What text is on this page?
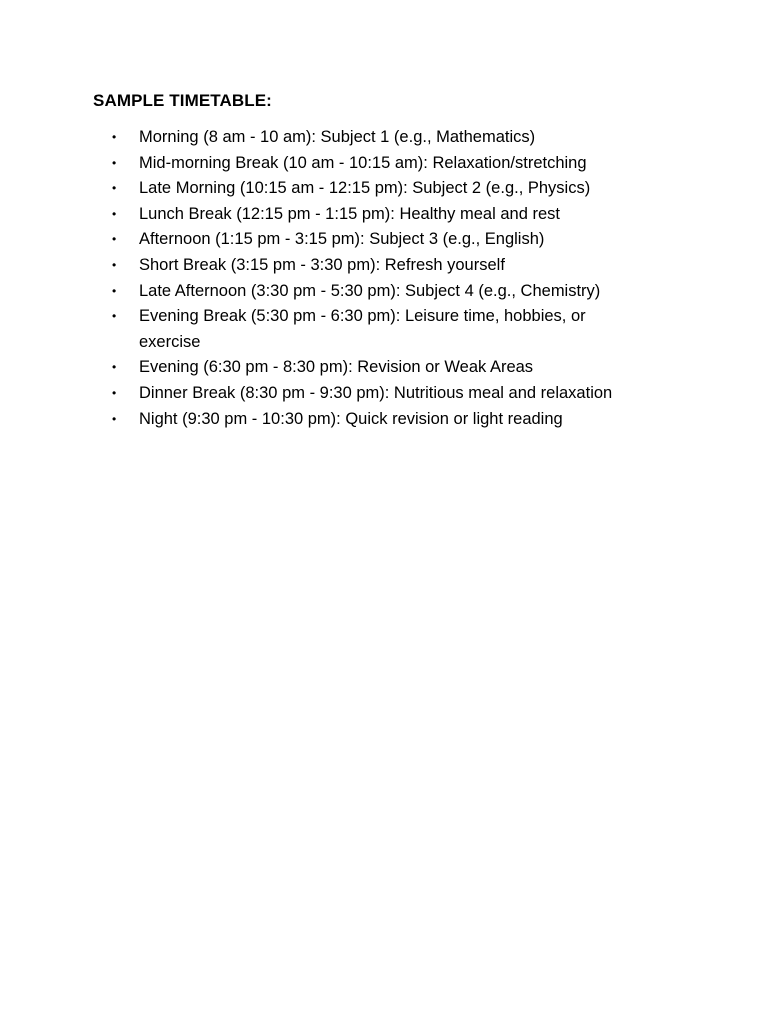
SAMPLE TIMETABLE:
•	Morning (8 am - 10 am): Subject 1 (e.g., Mathematics)
•	Mid-morning Break (10 am - 10:15 am): Relaxation/stretching
•	Late Morning (10:15 am - 12:15 pm): Subject 2 (e.g., Physics)
•	Lunch Break (12:15 pm - 1:15 pm): Healthy meal and rest
•	Afternoon (1:15 pm - 3:15 pm): Subject 3 (e.g., English)
•	Short Break (3:15 pm - 3:30 pm): Refresh yourself
•	Late Afternoon (3:30 pm - 5:30 pm): Subject 4 (e.g., Chemistry)
•	Evening Break (5:30 pm - 6:30 pm): Leisure time, hobbies, or exercise
•	Evening (6:30 pm - 8:30 pm): Revision or Weak Areas
•	Dinner Break (8:30 pm - 9:30 pm): Nutritious meal and relaxation
•	Night (9:30 pm - 10:30 pm): Quick revision or light reading
